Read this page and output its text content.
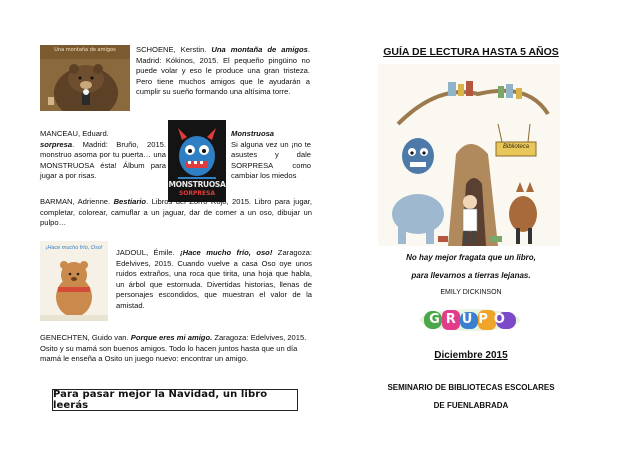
Una montaña de amigos	SCHOENE, Kerstin. Una montaña de amigos. Madrid: Kókinos, 2015. El pequeño pingüino no puede volar y eso le produce una gran tristeza. Pero tiene muchos amigos que le ayudarán a cumplir su sueño formando una altísima torre.
MANCEAU, Eduard.
sorpresa. Madrid: Bruño, 2015. monstruo asoma por tu puerta… una MONSTRUOSA ésta! Álbum para jugar a por risas.
MONSTRUOSA
SORPRESA
Monstruosa
Si alguna vez un ¡no te asustes y dale SORPRESA como cambiar los miedos
BARMAN, Adrienne. Bestiario. Libros del Zorro Rojo, 2015. Libro para jugar, completar, colorear, camuflar a un jaguar, dar de comer a un oso, dibujar un pulpo…
¡Hace mucho frío, Oso!	JADOUL, Émile. ¡Hace mucho frío, oso! Zaragoza: Edelvives, 2015. Cuando vuelve a casa Oso oye unos ruidos extraños, una roca que tirita, una hoja que habla, un árbol que estornuda. Divertidas historias, llenas de personajes escondidos, que muestran el valor de la amistad.
GENECHTEN, Guido van. Porque eres mi amigo. Zaragoza: Edelvives, 2015. Osito y su mamá son buenos amigos. Todo lo hacen juntos hasta que un día mamá le enseña a Osito un juego nuevo: encontrar un amigo.
Para pasar mejor la Navidad, un libro leerás
GUÍA DE LECTURA HASTA 5 AÑOS
Biblioteca
No hay mejor fragata que un libro,
para llevarnos a tierras lejanas.
EMILY DICKINSON
GRUPO
Diciembre 2015
SEMINARIO DE BIBLIOTECAS ESCOLARES
DE FUENLABRADA
